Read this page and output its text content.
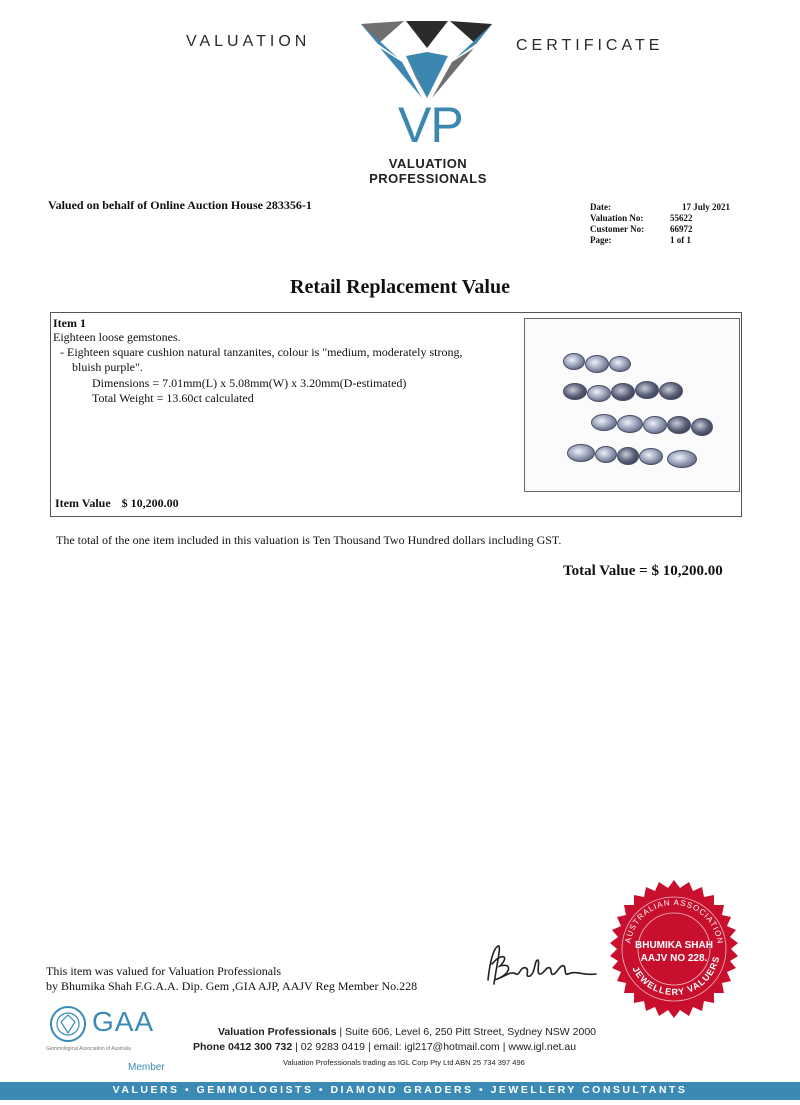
VALUATION	CERTIFICATE
VP
VALUATION
PROFESSIONALS
Valued on behalf of Online Auction House 283356-1	Date:	17 July 2021
Valuation No:	55622
Customer No:	66972
Page:	1 of 1
Retail Replacement Value
Item 1
Eighteen loose gemstones.
- Eighteen square cushion natural tanzanites, colour is "medium, moderately strong,
bluish purple".
Dimensions = 7.01mm(L) x 5.08mm(W) x 3.20mm(D-estimated)
Total Weight = 13.60ct calculated
Item Value $ 10,200.00
The total of the one item included in this valuation is Ten Thousand Two Hundred dollars including GST.
Total Value = $ 10,200.00
This item was valued for Valuation Professionals
by Bhumika Shah F.G.A.A. Dip. Gem ,GIA AJP, AAJV Reg Member No.228
AUSTRALIAN ASSOCIATION
JEWELLERY VALUERS
BHUMIKA SHAH
AAJV NO 228.
GAA
Gemmological Association of Australia
Member
Valuation Professionals | Suite 606, Level 6, 250 Pitt Street, Sydney NSW 2000
Phone 0412 300 732 | 02 9283 0419 | email: igl217@hotmail.com | www.igl.net.au
Valuation Professionals trading as IGL Corp Pty Ltd ABN 25 734 397 496
VALUERS • GEMMOLOGISTS • DIAMOND GRADERS • JEWELLERY CONSULTANTS
